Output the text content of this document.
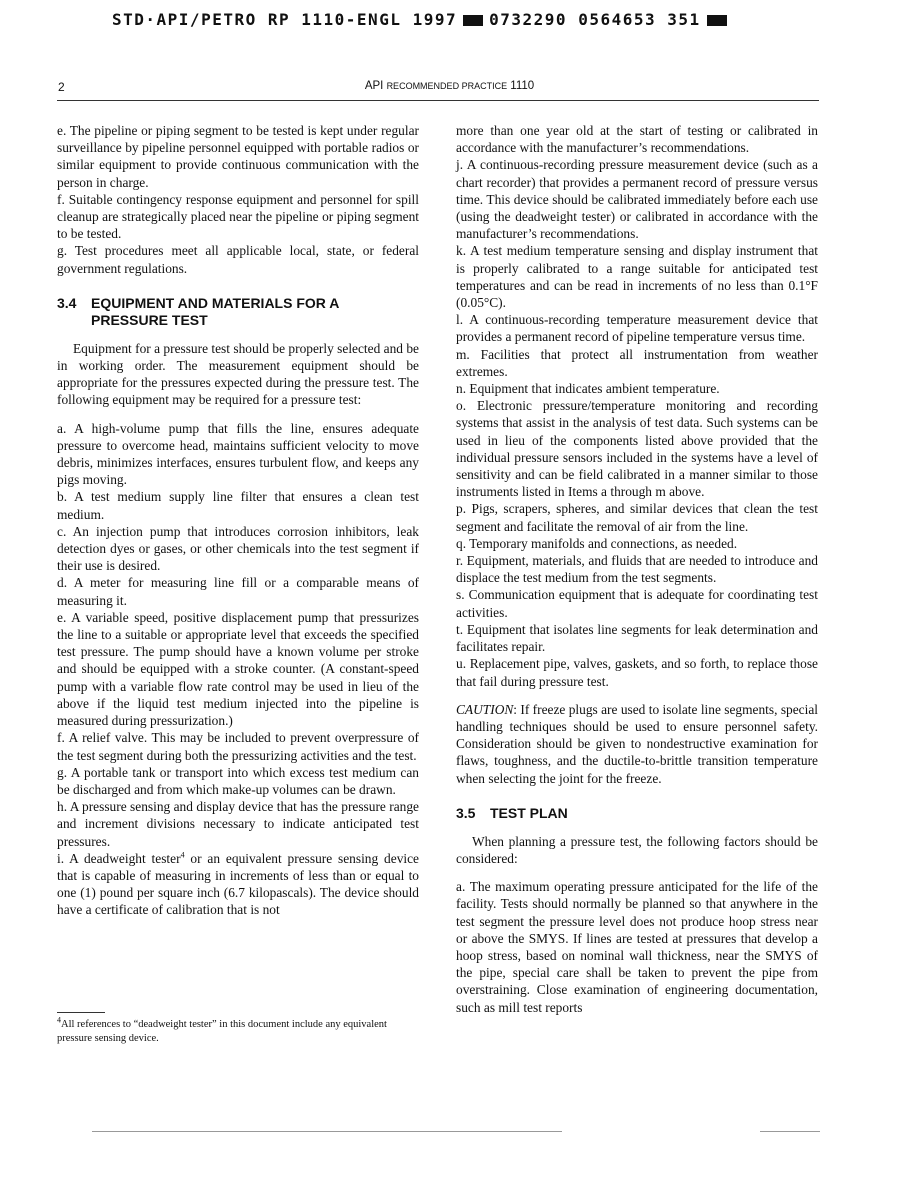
STD·API/PETRO RP 1110-ENGL 1997 0732290 0564653 351
2	API RECOMMENDED PRACTICE 1110

e. The pipeline or piping segment to be tested is kept under regular surveillance by pipeline personnel equipped with portable radios or similar equipment to provide continuous communication with the person in charge.

f. Suitable contingency response equipment and personnel for spill cleanup are strategically placed near the pipeline or piping segment to be tested.

g. Test procedures meet all applicable local, state, or federal government regulations.

3.4	EQUIPMENT AND MATERIALS FOR A PRESSURE TEST

Equipment for a pressure test should be properly selected and be in working order. The measurement equipment should be appropriate for the pressures expected during the pressure test. The following equipment may be required for a pressure test:

a. A high-volume pump that fills the line, ensures adequate pressure to overcome head, maintains sufficient velocity to move debris, minimizes interfaces, ensures turbulent flow, and keeps any pigs moving.

b. A test medium supply line filter that ensures a clean test medium.

c. An injection pump that introduces corrosion inhibitors, leak detection dyes or gases, or other chemicals into the test segment if their use is desired.

d. A meter for measuring line fill or a comparable means of measuring it.

e. A variable speed, positive displacement pump that pressurizes the line to a suitable or appropriate level that exceeds the specified test pressure. The pump should have a known volume per stroke and should be equipped with a stroke counter. (A constant-speed pump with a variable flow rate control may be used in lieu of the above if the liquid test medium injected into the pipeline is measured during pressurization.)

f. A relief valve. This may be included to prevent overpressure of the test segment during both the pressurizing activities and the test.

g. A portable tank or transport into which excess test medium can be discharged and from which make-up volumes can be drawn.

h. A pressure sensing and display device that has the pressure range and increment divisions necessary to indicate anticipated test pressures.

i. A deadweight tester$^4$ or an equivalent pressure sensing device that is capable of measuring in increments of less than or equal to one (1) pound per square inch (6.7 kilopascals). The device should have a certificate of calibration that is not

$^4$All references to “deadweight tester” in this document include any equivalent pressure sensing device.

more than one year old at the start of testing or calibrated in accordance with the manufacturer’s recommendations.

j. A continuous-recording pressure measurement device (such as a chart recorder) that provides a permanent record of pressure versus time. This device should be calibrated immediately before each use (using the deadweight tester) or calibrated in accordance with the manufacturer’s recommendations.

k. A test medium temperature sensing and display instrument that is properly calibrated to a range suitable for anticipated test temperatures and can be read in increments of no less than 0.1°F (0.05°C).

l. A continuous-recording temperature measurement device that provides a permanent record of pipeline temperature versus time.

m. Facilities that protect all instrumentation from weather extremes.

n. Equipment that indicates ambient temperature.

o. Electronic pressure/temperature monitoring and recording systems that assist in the analysis of test data. Such systems can be used in lieu of the components listed above provided that the individual pressure sensors included in the systems have a level of sensitivity and can be field calibrated in a manner similar to those instruments listed in Items a through m above.

p. Pigs, scrapers, spheres, and similar devices that clean the test segment and facilitate the removal of air from the line.

q. Temporary manifolds and connections, as needed.

r. Equipment, materials, and fluids that are needed to introduce and displace the test medium from the test segments.

s. Communication equipment that is adequate for coordinating test activities.

t. Equipment that isolates line segments for leak determination and facilitates repair.

u. Replacement pipe, valves, gaskets, and so forth, to replace those that fail during pressure test.

CAUTION: If freeze plugs are used to isolate line segments, special handling techniques should be used to ensure personnel safety. Consideration should be given to nondestructive examination for flaws, toughness, and the ductile-to-brittle transition temperature when selecting the joint for the freeze.

3.5	TEST PLAN

When planning a pressure test, the following factors should be considered:

a. The maximum operating pressure anticipated for the life of the facility. Tests should normally be planned so that anywhere in the test segment the pressure level does not produce hoop stress near or above the SMYS. If lines are tested at pressures that develop a hoop stress, based on nominal wall thickness, near the SMYS of the pipe, special care shall be taken to prevent the pipe from overstraining. Close examination of engineering documentation, such as mill test reports
